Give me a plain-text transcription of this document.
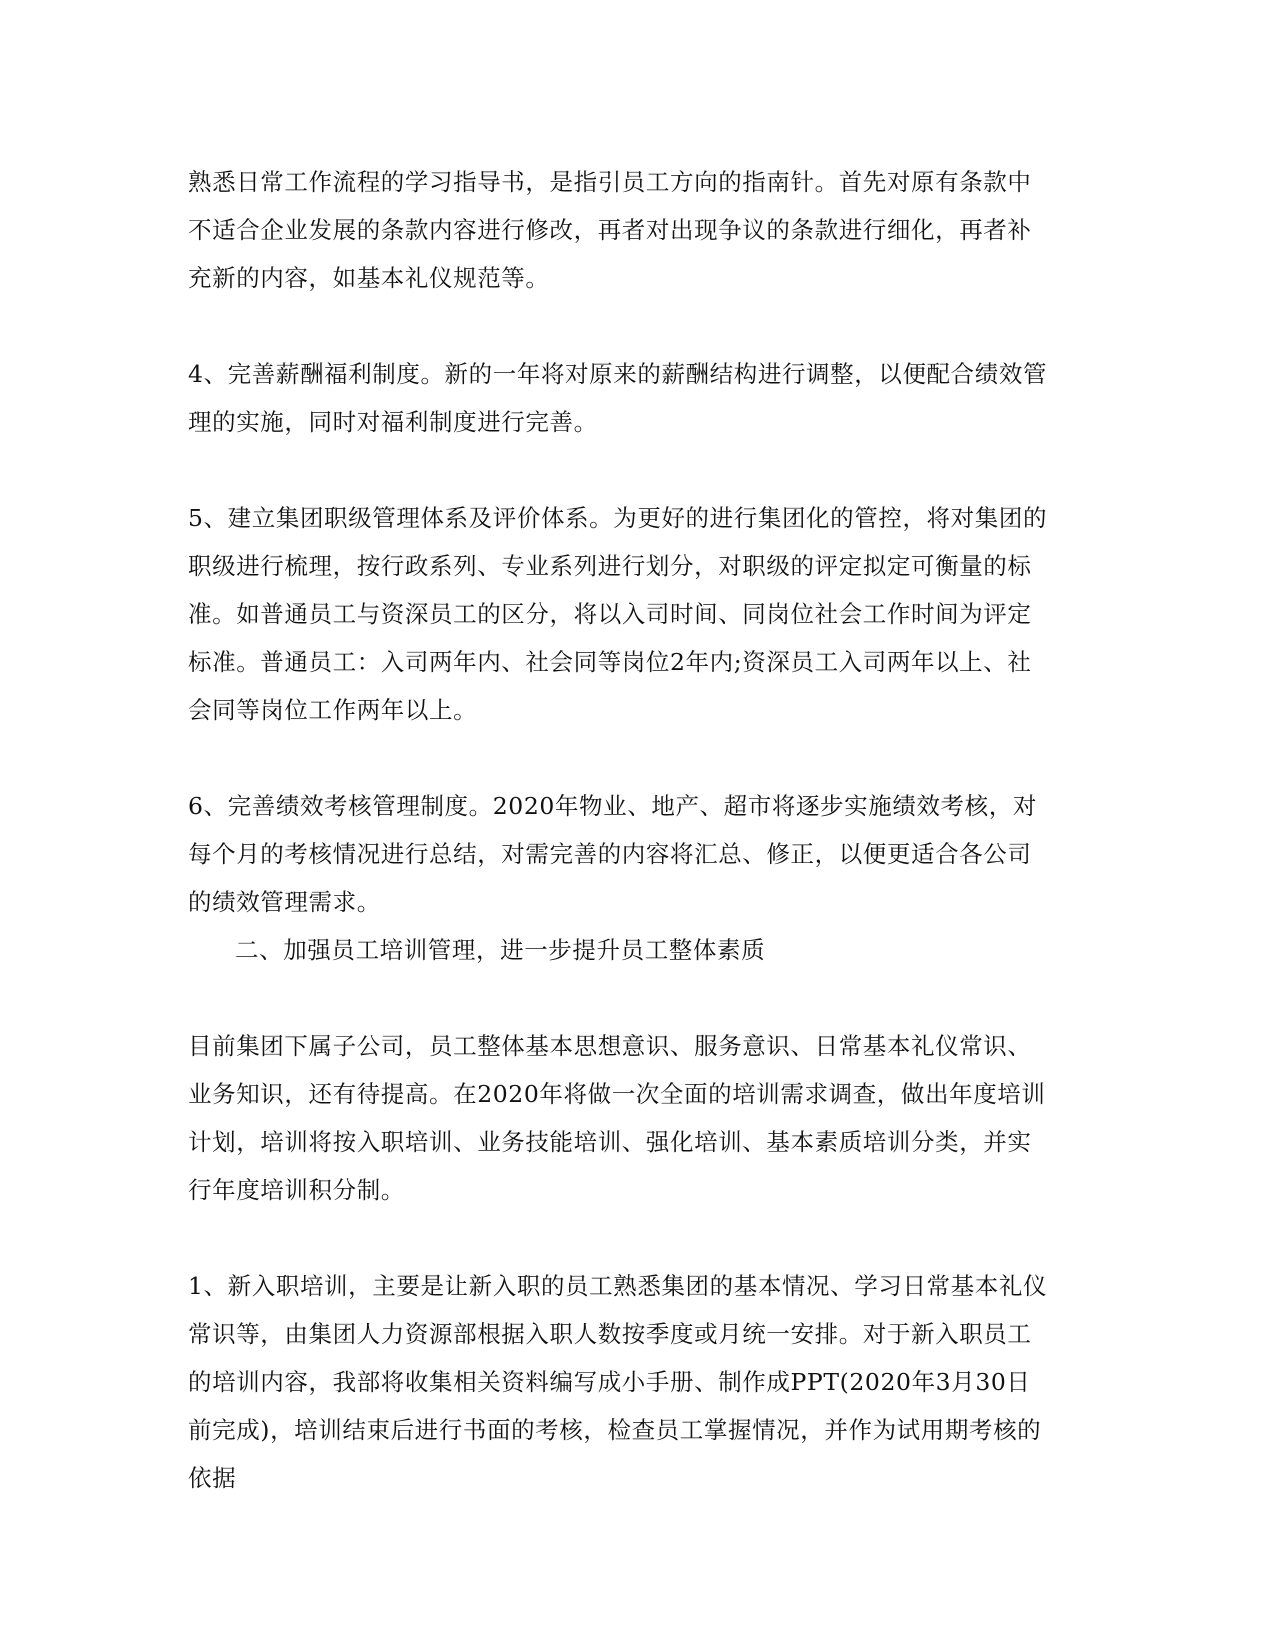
熟悉日常工作流程的学习指导书，是指引员工方向的指南针。首先对原有条款中不适合企业发展的条款内容进行修改，再者对出现争议的条款进行细化，再者补充新的内容，如基本礼仪规范等。

4、完善薪酬福利制度。新的一年将对原来的薪酬结构进行调整，以便配合绩效管理的实施，同时对福利制度进行完善。

5、建立集团职级管理体系及评价体系。为更好的进行集团化的管控，将对集团的职级进行梳理，按行政系列、专业系列进行划分，对职级的评定拟定可衡量的标准。如普通员工与资深员工的区分，将以入司时间、同岗位社会工作时间为评定标准。普通员工：入司两年内、社会同等岗位2年内;资深员工入司两年以上、社会同等岗位工作两年以上。

6、完善绩效考核管理制度。2020年物业、地产、超市将逐步实施绩效考核，对每个月的考核情况进行总结，对需完善的内容将汇总、修正，以便更适合各公司的绩效管理需求。

二、加强员工培训管理，进一步提升员工整体素质

目前集团下属子公司，员工整体基本思想意识、服务意识、日常基本礼仪常识、业务知识，还有待提高。在2020年将做一次全面的培训需求调查，做出年度培训计划，培训将按入职培训、业务技能培训、强化培训、基本素质培训分类，并实行年度培训积分制。

1、新入职培训，主要是让新入职的员工熟悉集团的基本情况、学习日常基本礼仪常识等，由集团人力资源部根据入职人数按季度或月统一安排。对于新入职员工的培训内容，我部将收集相关资料编写成小手册、制作成PPT(2020年3月30日前完成)，培训结束后进行书面的考核，检查员工掌握情况，并作为试用期考核的依据
